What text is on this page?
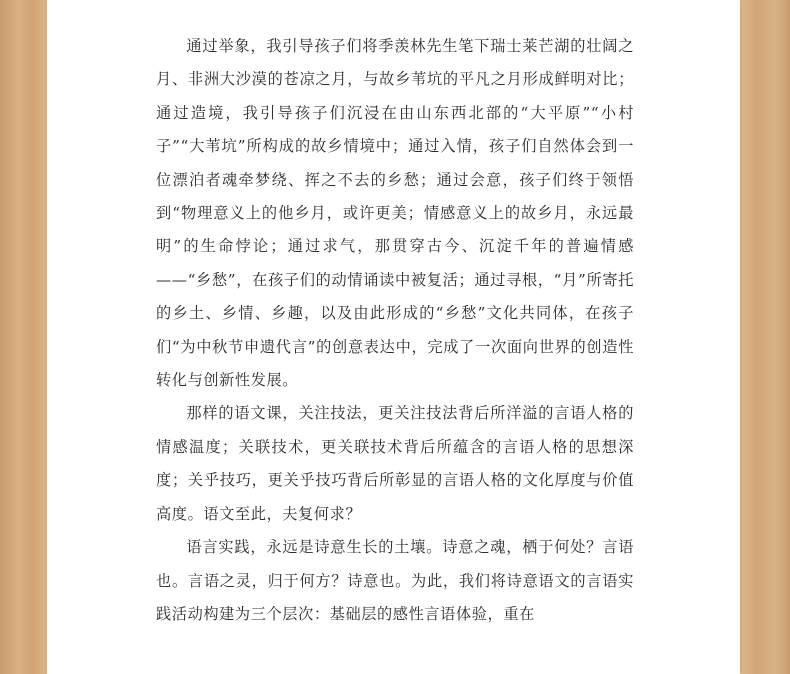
通过举象，我引导孩子们将季羡林先生笔下瑞士莱芒湖的壮阔之月、非洲大沙漠的苍凉之月，与故乡苇坑的平凡之月形成鲜明对比；通过造境，我引导孩子们沉浸在由山东西北部的“大平原”“小村子”“大苇坑”所构成的故乡情境中；通过入情，孩子们自然体会到一位漂泊者魂牵梦绕、挥之不去的乡愁；通过会意，孩子们终于领悟到“物理意义上的他乡月，或许更美；情感意义上的故乡月，永远最明”的生命悖论；通过求气，那贯穿古今、沉淀千年的普遍情感——“乡愁”，在孩子们的动情诵读中被复活；通过寻根，“月”所寄托的乡土、乡情、乡趣，以及由此形成的“乡愁”文化共同体，在孩子们“为中秋节申遗代言”的创意表达中，完成了一次面向世界的创造性转化与创新性发展。

那样的语文课，关注技法，更关注技法背后所洋溢的言语人格的情感温度；关联技术，更关联技术背后所蕴含的言语人格的思想深度；关乎技巧，更关乎技巧背后所彰显的言语人格的文化厚度与价值高度。语文至此，夫复何求？

语言实践，永远是诗意生长的土壤。诗意之魂，栖于何处？言语也。言语之灵，归于何方？诗意也。为此，我们将诗意语文的言语实践活动构建为三个层次：基础层的感性言语体验，重在
